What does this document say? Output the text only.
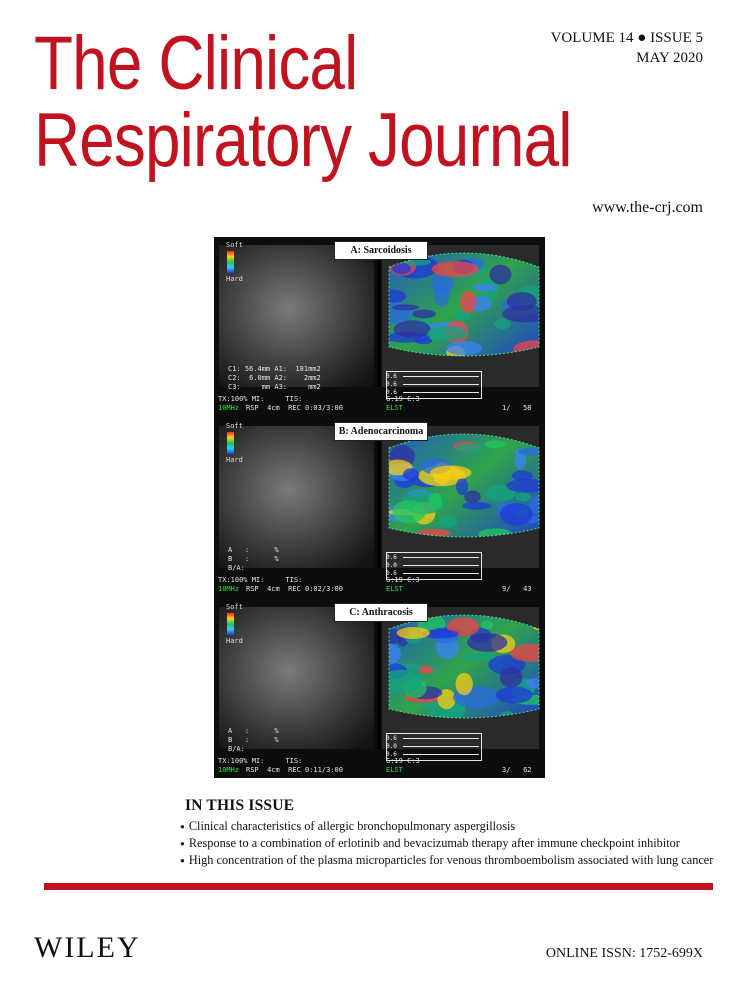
The Clinical
Respiratory Journal
VOLUME 14 ● ISSUE 5
MAY 2020
www.the-crj.com
Soft
Hard
A: Sarcoidosis
C1: 56.4mm A1:  181mm2
C2:  6.0mm A2:    2mm2
C3:     mm A3:     mm2
TX:100% MI:     TIS:	G:19 C:3
ELST
10MHz RSP  4cm  REC 0:03/3:00	1/   58
0.6
0.6
0.6
Soft
Hard
B: Adenocarcinoma
A   :      %
B   :      %
B/A:
TX:100% MI:     TIS:	G:19 C:3
ELST
10MHz RSP  4cm  REC 0:02/3:00	9/   43
0.6
0.0
0.6
Soft
Hard
C: Anthracosis
A   :      %
B   :      %
B/A:
TX:100% MI:     TIS:	G:19 C:3
ELST
10MHz RSP  4cm  REC 0:11/3:00	3/   62
0.6
0.0
0.6
IN THIS ISSUE
● Clinical characteristics of allergic bronchopulmonary aspergillosis
● Response to a combination of erlotinib and bevacizumab therapy after immune checkpoint inhibitor
● High concentration of the plasma microparticles for venous thromboembolism associated with lung cancer
WILEY	ONLINE ISSN: 1752-699X
